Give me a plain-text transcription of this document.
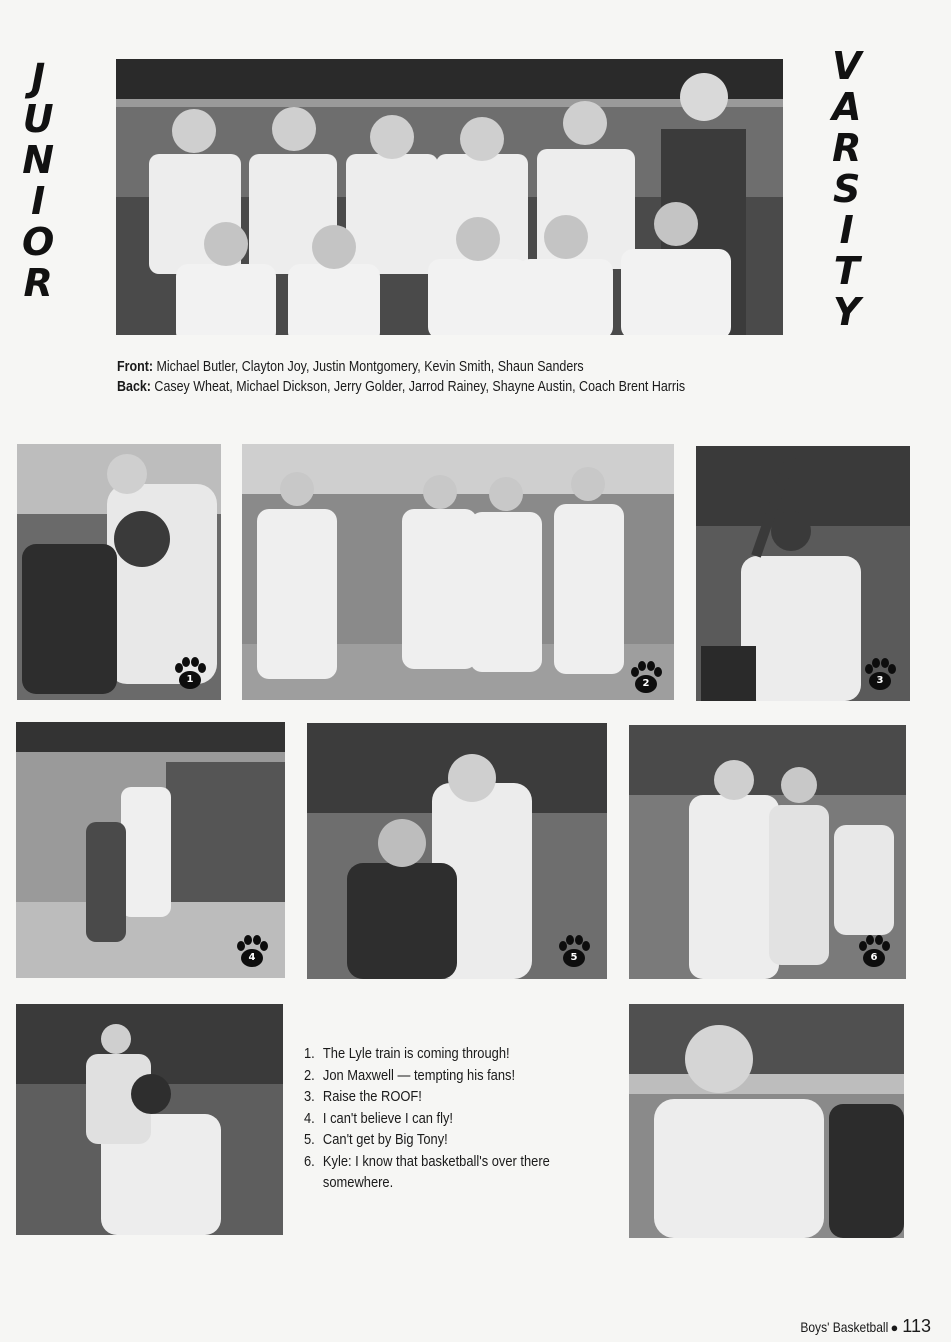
J
U
N
I
O
R
V
A
R
S
I
T
Y
Front: Michael Butler, Clayton Joy, Justin Montgomery, Kevin Smith, Shaun Sanders
Back: Casey Wheat, Michael Dickson, Jerry Golder, Jarrod Rainey, Shayne Austin, Coach Brent Harris
1	2	3
4	5	6
1. The Lyle train is coming through!
2. Jon Maxwell — tempting his fans!
3. Raise the ROOF!
4. I can't believe I can fly!
5. Can't get by Big Tony!
6. Kyle: I know that basketball's over there somewhere.
Boys' Basketball ● 113
